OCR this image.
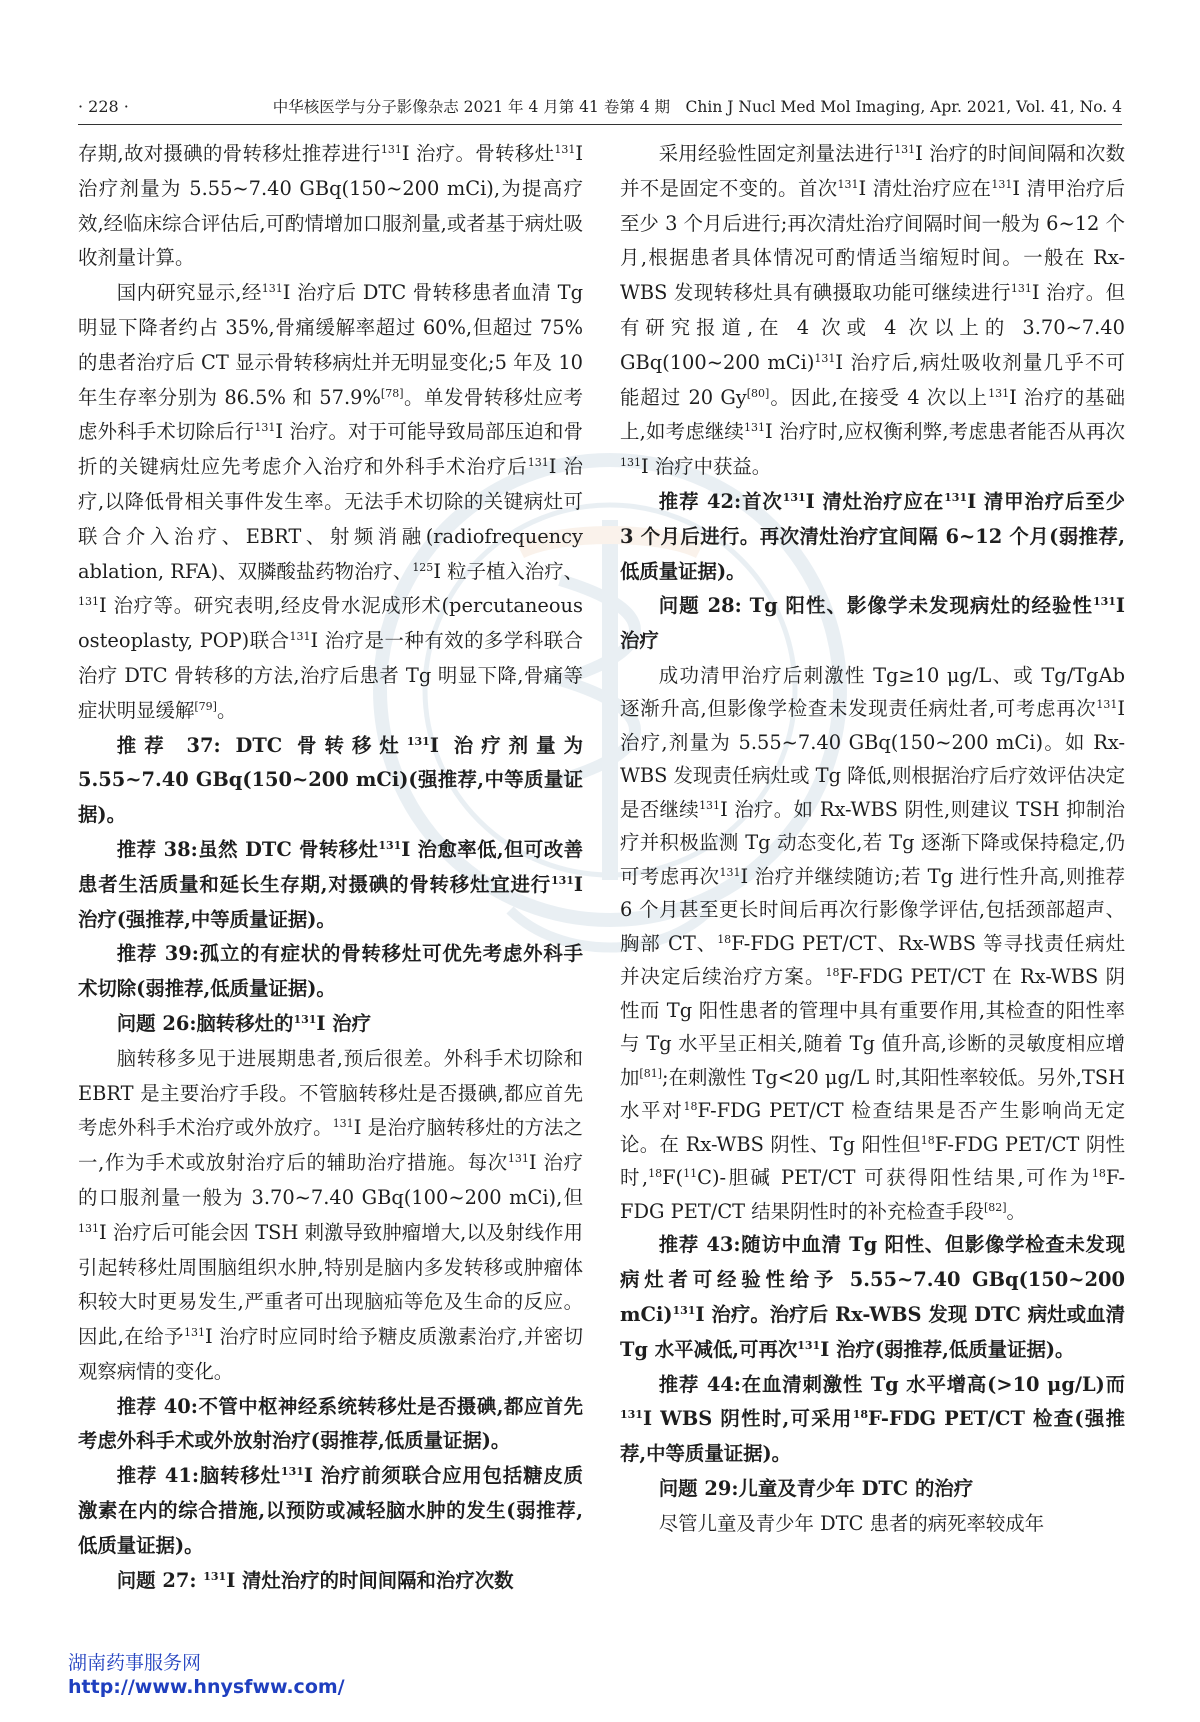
· 228 ·	中华核医学与分子影像杂志 2021 年 4 月第 41 卷第 4 期　Chin J Nucl Med Mol Imaging, Apr. 2021, Vol. 41, No. 4

存期,故对摄碘的骨转移灶推荐进行$^{131}$I 治疗。骨转移灶$^{131}$I 治疗剂量为 5.55~7.40 GBq(150~200 mCi),为提高疗效,经临床综合评估后,可酌情增加口服剂量,或者基于病灶吸收剂量计算。

国内研究显示,经$^{131}$I 治疗后 DTC 骨转移患者血清 Tg 明显下降者约占 35%,骨痛缓解率超过 60%,但超过 75% 的患者治疗后 CT 显示骨转移病灶并无明显变化;5 年及 10 年生存率分别为 86.5% 和 57.9%[78]。单发骨转移灶应考虑外科手术切除后行$^{131}$I 治疗。对于可能导致局部压迫和骨折的关键病灶应先考虑介入治疗和外科手术治疗后$^{131}$I 治疗,以降低骨相关事件发生率。无法手术切除的关键病灶可联合介入治疗、EBRT、射频消融(radiofrequency ablation, RFA)、双膦酸盐药物治疗、$^{125}$I 粒子植入治疗、$^{131}$I 治疗等。研究表明,经皮骨水泥成形术(percutaneous osteoplasty, POP)联合$^{131}$I 治疗是一种有效的多学科联合治疗 DTC 骨转移的方法,治疗后患者 Tg 明显下降,骨痛等症状明显缓解[79]。

推荐 37: DTC 骨转移灶$^{131}$I 治疗剂量为 5.55~7.40 GBq(150~200 mCi)(强推荐,中等质量证据)。

推荐 38:虽然 DTC 骨转移灶$^{131}$I 治愈率低,但可改善患者生活质量和延长生存期,对摄碘的骨转移灶宜进行$^{131}$I 治疗(强推荐,中等质量证据)。

推荐 39:孤立的有症状的骨转移灶可优先考虑外科手术切除(弱推荐,低质量证据)。

问题 26:脑转移灶的$^{131}$I 治疗

脑转移多见于进展期患者,预后很差。外科手术切除和 EBRT 是主要治疗手段。不管脑转移灶是否摄碘,都应首先考虑外科手术治疗或外放疗。$^{131}$I 是治疗脑转移灶的方法之一,作为手术或放射治疗后的辅助治疗措施。每次$^{131}$I 治疗的口服剂量一般为 3.70~7.40 GBq(100~200 mCi),但$^{131}$I 治疗后可能会因 TSH 刺激导致肿瘤增大,以及射线作用引起转移灶周围脑组织水肿,特别是脑内多发转移或肿瘤体积较大时更易发生,严重者可出现脑疝等危及生命的反应。因此,在给予$^{131}$I 治疗时应同时给予糖皮质激素治疗,并密切观察病情的变化。

推荐 40:不管中枢神经系统转移灶是否摄碘,都应首先考虑外科手术或外放射治疗(弱推荐,低质量证据)。

推荐 41:脑转移灶$^{131}$I 治疗前须联合应用包括糖皮质激素在内的综合措施,以预防或减轻脑水肿的发生(弱推荐,低质量证据)。

问题 27: $^{131}$I 清灶治疗的时间间隔和治疗次数

采用经验性固定剂量法进行$^{131}$I 治疗的时间间隔和次数并不是固定不变的。首次$^{131}$I 清灶治疗应在$^{131}$I 清甲治疗后至少 3 个月后进行;再次清灶治疗间隔时间一般为 6~12 个月,根据患者具体情况可酌情适当缩短时间。一般在 Rx-WBS 发现转移灶具有碘摄取功能可继续进行$^{131}$I 治疗。但有研究报道,在 4 次或 4 次以上的 3.70~7.40 GBq(100~200 mCi)$^{131}$I 治疗后,病灶吸收剂量几乎不可能超过 20 Gy[80]。因此,在接受 4 次以上$^{131}$I 治疗的基础上,如考虑继续$^{131}$I 治疗时,应权衡利弊,考虑患者能否从再次$^{131}$I 治疗中获益。

推荐 42:首次$^{131}$I 清灶治疗应在$^{131}$I 清甲治疗后至少 3 个月后进行。再次清灶治疗宜间隔 6~12 个月(弱推荐,低质量证据)。

问题 28: Tg 阳性、影像学未发现病灶的经验性$^{131}$I 治疗

成功清甲治疗后刺激性 Tg≥10 μg/L、或 Tg/TgAb 逐渐升高,但影像学检查未发现责任病灶者,可考虑再次$^{131}$I 治疗,剂量为 5.55~7.40 GBq(150~200 mCi)。如 Rx-WBS 发现责任病灶或 Tg 降低,则根据治疗后疗效评估决定是否继续$^{131}$I 治疗。如 Rx-WBS 阴性,则建议 TSH 抑制治疗并积极监测 Tg 动态变化,若 Tg 逐渐下降或保持稳定,仍可考虑再次$^{131}$I 治疗并继续随访;若 Tg 进行性升高,则推荐 6 个月甚至更长时间后再次行影像学评估,包括颈部超声、胸部 CT、$^{18}$F-FDG PET/CT、Rx-WBS 等寻找责任病灶并决定后续治疗方案。$^{18}$F-FDG PET/CT 在 Rx-WBS 阴性而 Tg 阳性患者的管理中具有重要作用,其检查的阳性率与 Tg 水平呈正相关,随着 Tg 值升高,诊断的灵敏度相应增加[81];在刺激性 Tg<20 μg/L 时,其阳性率较低。另外,TSH 水平对$^{18}$F-FDG PET/CT 检查结果是否产生影响尚无定论。在 Rx-WBS 阴性、Tg 阳性但$^{18}$F-FDG PET/CT 阴性时,$^{18}$F($^{11}$C)-胆碱 PET/CT 可获得阳性结果,可作为$^{18}$F-FDG PET/CT 结果阴性时的补充检查手段[82]。

推荐 43:随访中血清 Tg 阳性、但影像学检查未发现病灶者可经验性给予 5.55~7.40 GBq(150~200 mCi)$^{131}$I 治疗。治疗后 Rx-WBS 发现 DTC 病灶或血清 Tg 水平减低,可再次$^{131}$I 治疗(弱推荐,低质量证据)。

推荐 44:在血清刺激性 Tg 水平增高(>10 μg/L)而$^{131}$I WBS 阴性时,可采用$^{18}$F-FDG PET/CT 检查(强推荐,中等质量证据)。

问题 29:儿童及青少年 DTC 的治疗

尽管儿童及青少年 DTC 患者的病死率较成年

湖南药事服务网
http://www.hnysfww.com/
